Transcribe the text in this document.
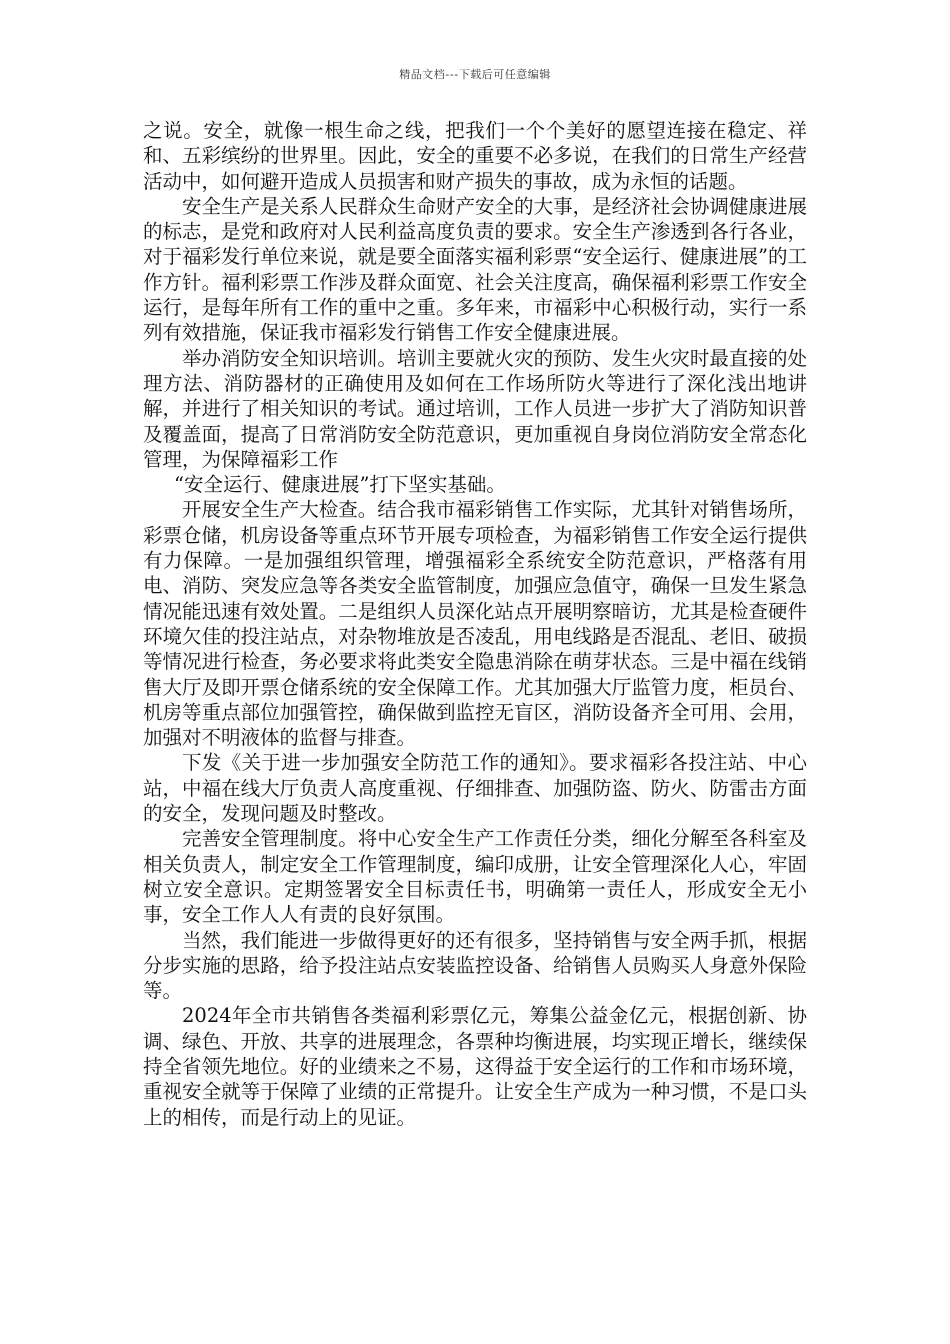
精品文档---下载后可任意编辑

之说。安全，就像一根生命之线，把我们一个个美好的愿望连接在稳定、祥和、五彩缤纷的世界里。因此，安全的重要不必多说，在我们的日常生产经营活动中，如何避开造成人员损害和财产损失的事故，成为永恒的话题。

安全生产是关系人民群众生命财产安全的大事，是经济社会协调健康进展的标志，是党和政府对人民利益高度负责的要求。安全生产渗透到各行各业，对于福彩发行单位来说，就是要全面落实福利彩票“安全运行、健康进展”的工作方针。福利彩票工作涉及群众面宽、社会关注度高，确保福利彩票工作安全运行，是每年所有工作的重中之重。多年来，市福彩中心积极行动，实行一系列有效措施，保证我市福彩发行销售工作安全健康进展。

举办消防安全知识培训。培训主要就火灾的预防、发生火灾时最直接的处理方法、消防器材的正确使用及如何在工作场所防火等进行了深化浅出地讲解，并进行了相关知识的考试。通过培训，工作人员进一步扩大了消防知识普及覆盖面，提高了日常消防安全防范意识，更加重视自身岗位消防安全常态化管理，为保障福彩工作

“安全运行、健康进展”打下坚实基础。

开展安全生产大检查。结合我市福彩销售工作实际，尤其针对销售场所，彩票仓储，机房设备等重点环节开展专项检查，为福彩销售工作安全运行提供有力保障。一是加强组织管理，增强福彩全系统安全防范意识，严格落有用电、消防、突发应急等各类安全监管制度，加强应急值守，确保一旦发生紧急情况能迅速有效处置。二是组织人员深化站点开展明察暗访，尤其是检查硬件环境欠佳的投注站点，对杂物堆放是否凌乱，用电线路是否混乱、老旧、破损等情况进行检查，务必要求将此类安全隐患消除在萌芽状态。三是中福在线销售大厅及即开票仓储系统的安全保障工作。尤其加强大厅监管力度，柜员台、机房等重点部位加强管控，确保做到监控无盲区，消防设备齐全可用、会用，加强对不明液体的监督与排查。

下发《关于进一步加强安全防范工作的通知》。要求福彩各投注站、中心站，中福在线大厅负责人高度重视、仔细排查、加强防盗、防火、防雷击方面的安全，发现问题及时整改。

完善安全管理制度。将中心安全生产工作责任分类，细化分解至各科室及相关负责人，制定安全工作管理制度，编印成册，让安全管理深化人心，牢固树立安全意识。定期签署安全目标责任书，明确第一责任人，形成安全无小事，安全工作人人有责的良好氛围。

当然，我们能进一步做得更好的还有很多，坚持销售与安全两手抓，根据分步实施的思路，给予投注站点安装监控设备、给销售人员购买人身意外保险等。

2024年全市共销售各类福利彩票亿元，筹集公益金亿元，根据创新、协调、绿色、开放、共享的进展理念，各票种均衡进展，均实现正增长，继续保持全省领先地位。好的业绩来之不易，这得益于安全运行的工作和市场环境，重视安全就等于保障了业绩的正常提升。让安全生产成为一种习惯，不是口头上的相传，而是行动上的见证。
